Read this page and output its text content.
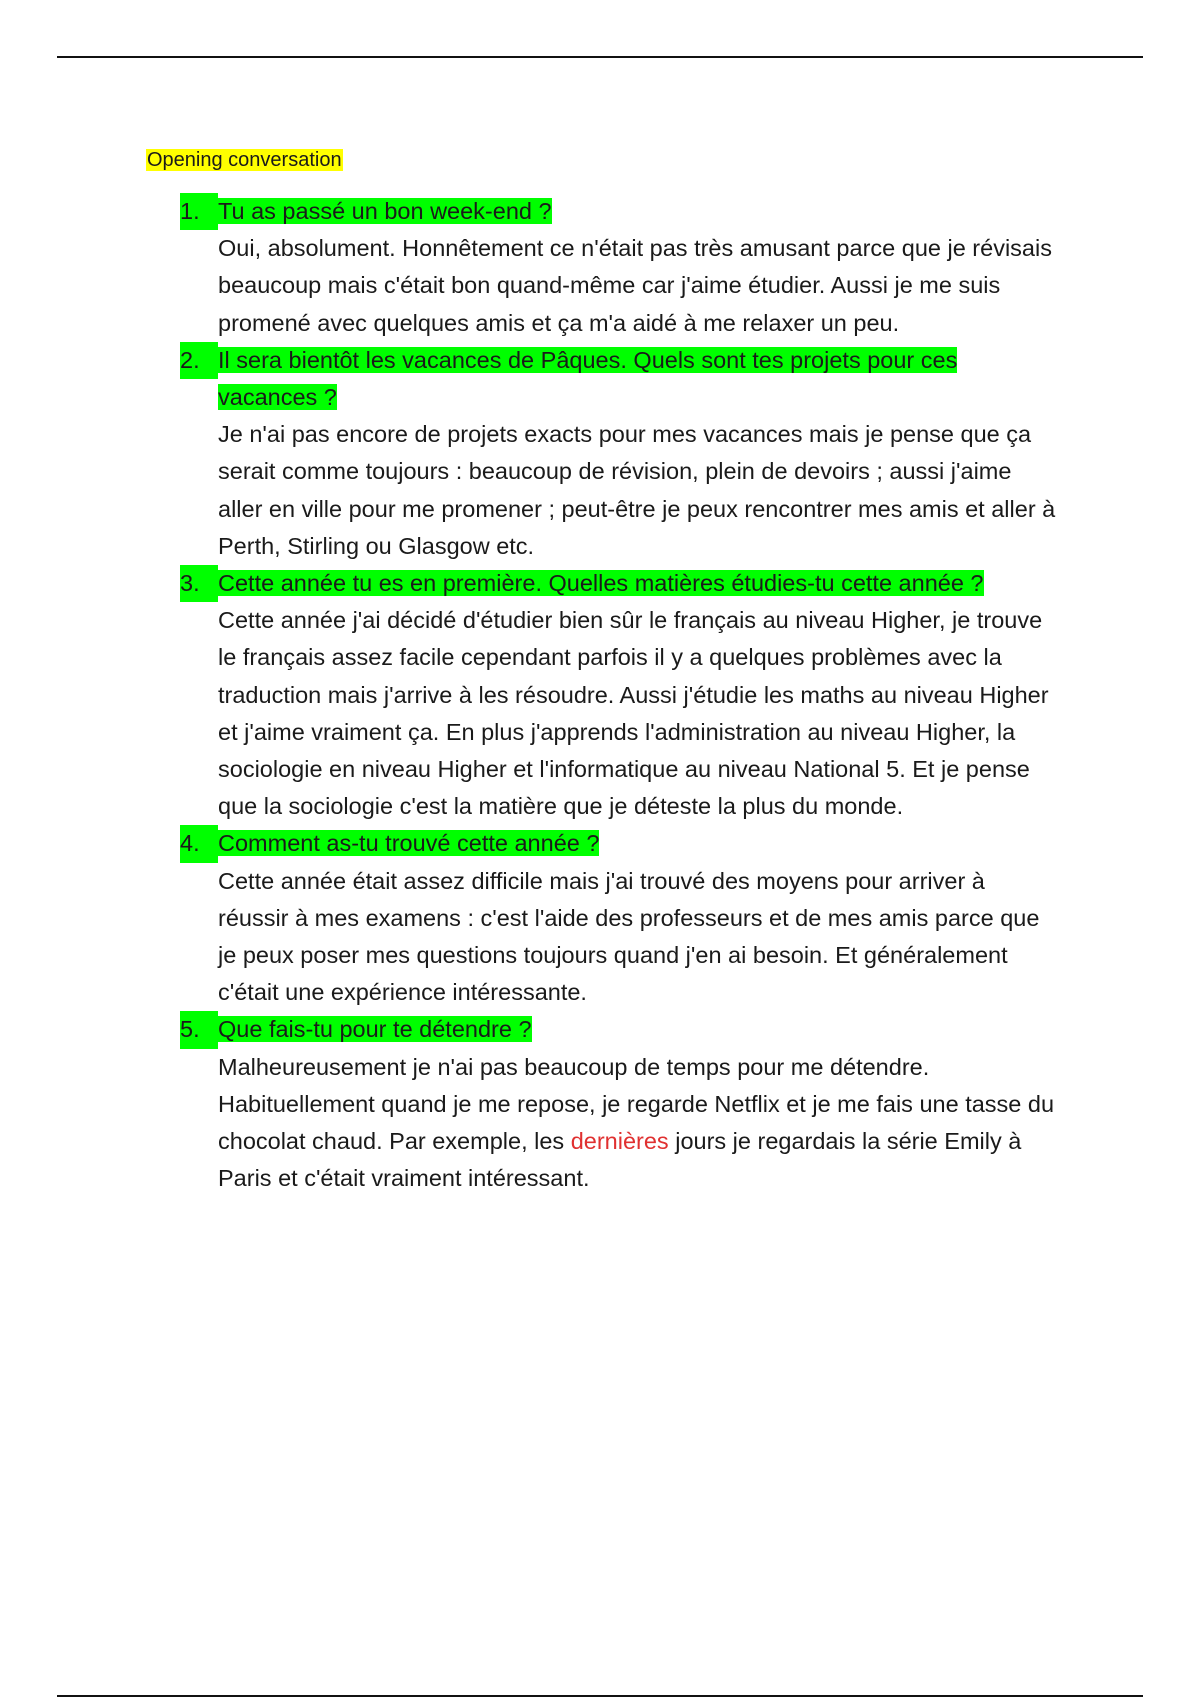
Opening conversation

1. Tu as passé un bon week-end ?
Oui, absolument. Honnêtement ce n'était pas très amusant parce que je révisais beaucoup mais c'était bon quand-même car j'aime étudier. Aussi je me suis promené avec quelques amis et ça m'a aidé à me relaxer un peu.
2. Il sera bientôt les vacances de Pâques. Quels sont tes projets pour ces vacances ?
Je n'ai pas encore de projets exacts pour mes vacances mais je pense que ça serait comme toujours : beaucoup de révision, plein de devoirs ; aussi j'aime aller en ville pour me promener ; peut-être je peux rencontrer mes amis et aller à Perth, Stirling ou Glasgow etc.
3. Cette année tu es en première. Quelles matières étudies-tu cette année ?
Cette année j'ai décidé d'étudier bien sûr le français au niveau Higher, je trouve le français assez facile cependant parfois il y a quelques problèmes avec la traduction mais j'arrive à les résoudre. Aussi j'étudie les maths au niveau Higher et j'aime vraiment ça. En plus j'apprends l'administration au niveau Higher, la sociologie en niveau Higher et l'informatique au niveau National 5. Et je pense que la sociologie c'est la matière que je déteste la plus du monde.
4. Comment as-tu trouvé cette année ?
Cette année était assez difficile mais j'ai trouvé des moyens pour arriver à réussir à mes examens : c'est l'aide des professeurs et de mes amis parce que je peux poser mes questions toujours quand j'en ai besoin. Et généralement c'était une expérience intéressante.
5. Que fais-tu pour te détendre ?
Malheureusement je n'ai pas beaucoup de temps pour me détendre. Habituellement quand je me repose, je regarde Netflix et je me fais une tasse du chocolat chaud. Par exemple, les dernières jours je regardais la série Emily à Paris et c'était vraiment intéressant.
